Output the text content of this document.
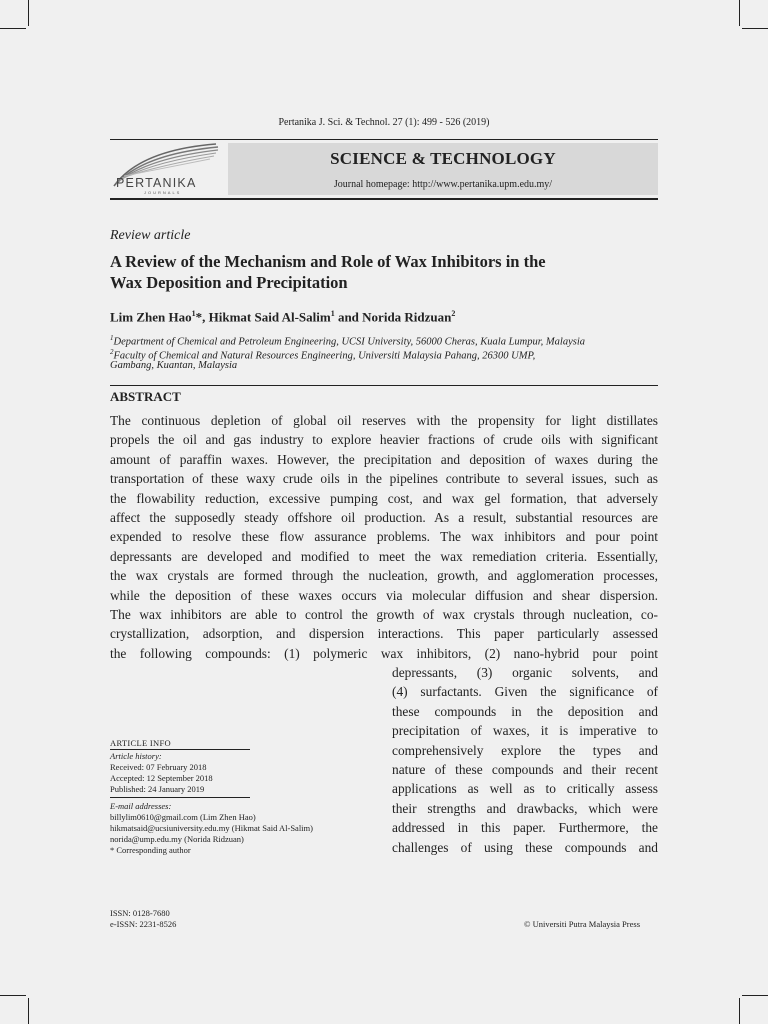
Pertanika J. Sci. & Technol. 27 (1): 499 - 526 (2019)
PERTANIKA
JOURNALS
SCIENCE & TECHNOLOGY
Journal homepage: http://www.pertanika.upm.edu.my/
Review article
A Review of the Mechanism and Role of Wax Inhibitors in the
Wax Deposition and Precipitation
Lim Zhen Hao$^1$*, Hikmat Said Al-Salim$^1$ and Norida Ridzuan$^2$
$^1$Department of Chemical and Petroleum Engineering, UCSI University, 56000 Cheras, Kuala Lumpur, Malaysia
$^2$Faculty of Chemical and Natural Resources Engineering, Universiti Malaysia Pahang, 26300 UMP,
Gambang, Kuantan, Malaysia
ABSTRACT
The continuous depletion of global oil reserves with the propensity for light distillates
propels the oil and gas industry to explore heavier fractions of crude oils with significant
amount of paraffin waxes. However, the precipitation and deposition of waxes during the
transportation of these waxy crude oils in the pipelines contribute to several issues, such as
the flowability reduction, excessive pumping cost, and wax gel formation, that adversely
affect the supposedly steady offshore oil production. As a result, substantial resources are
expended to resolve these flow assurance problems. The wax inhibitors and pour point
depressants are developed and modified to meet the wax remediation criteria. Essentially,
the wax crystals are formed through the nucleation, growth, and agglomeration processes,
while the deposition of these waxes occurs via molecular diffusion and shear dispersion.
The wax inhibitors are able to control the growth of wax crystals through nucleation, co-
crystallization, adsorption, and dispersion interactions. This paper particularly assessed
the following compounds: (1) polymeric wax inhibitors, (2) nano-hybrid pour point
depressants, (3) organic solvents, and
(4) surfactants. Given the significance of
these compounds in the deposition and
precipitation of waxes, it is imperative to
comprehensively explore the types and
nature of these compounds and their recent
applications as well as to critically assess
their strengths and drawbacks, which were
addressed in this paper. Furthermore, the
challenges of using these compounds and
ARTICLE INFO
Article history:
Received: 07 February 2018
Accepted: 12 September 2018
Published: 24 January 2019
E-mail addresses:
billylim0610@gmail.com (Lim Zhen Hao)
hikmatsaid@ucsiuniversity.edu.my (Hikmat Said Al-Salim)
norida@ump.edu.my (Norida Ridzuan)
* Corresponding author
ISSN: 0128-7680
e-ISSN: 2231-8526	© Universiti Putra Malaysia Press
